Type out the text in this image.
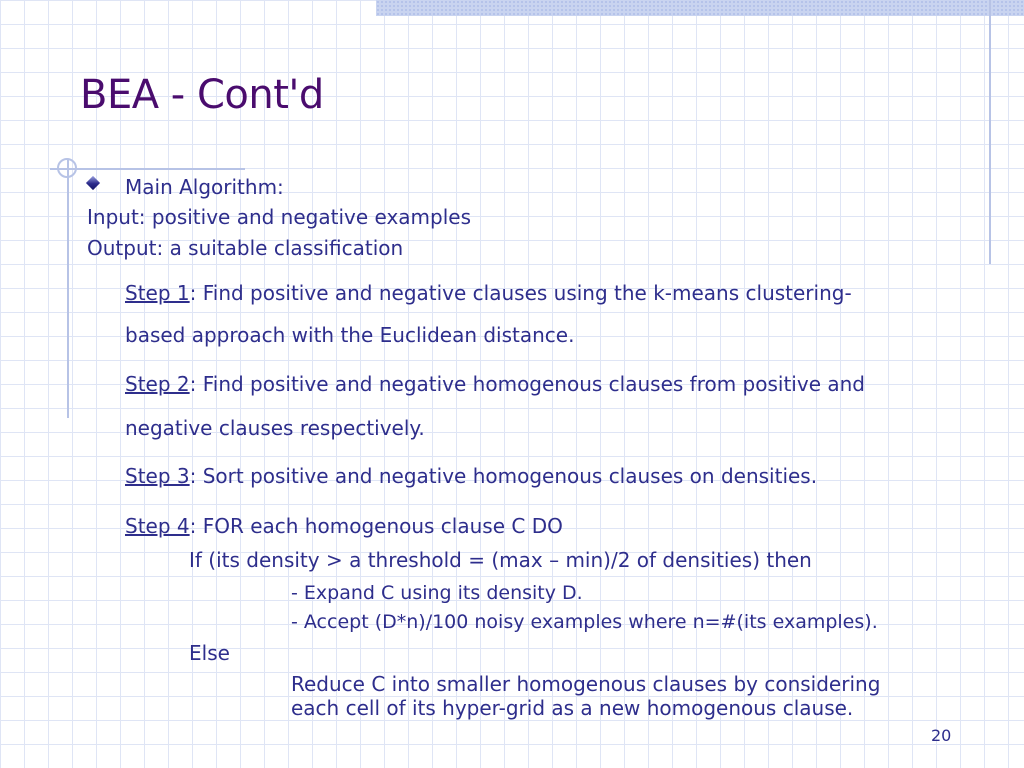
BEA - Cont'd

Main Algorithm:

Input: positive and negative examples

Output: a suitable classification

Step 1: Find positive and negative clauses using the k-means clustering-

based approach with the Euclidean distance.

Step 2: Find positive and negative homogenous clauses from positive and

negative clauses respectively.

Step 3: Sort positive and negative homogenous clauses on densities.

Step 4: FOR each homogenous clause C DO

If (its density > a threshold = (max – min)/2 of densities) then

- Expand C using its density D.

- Accept (D*n)/100 noisy examples where n=#(its examples).

Else

Reduce C into smaller homogenous clauses by considering

each cell of its hyper-grid as a new homogenous clause.

20
